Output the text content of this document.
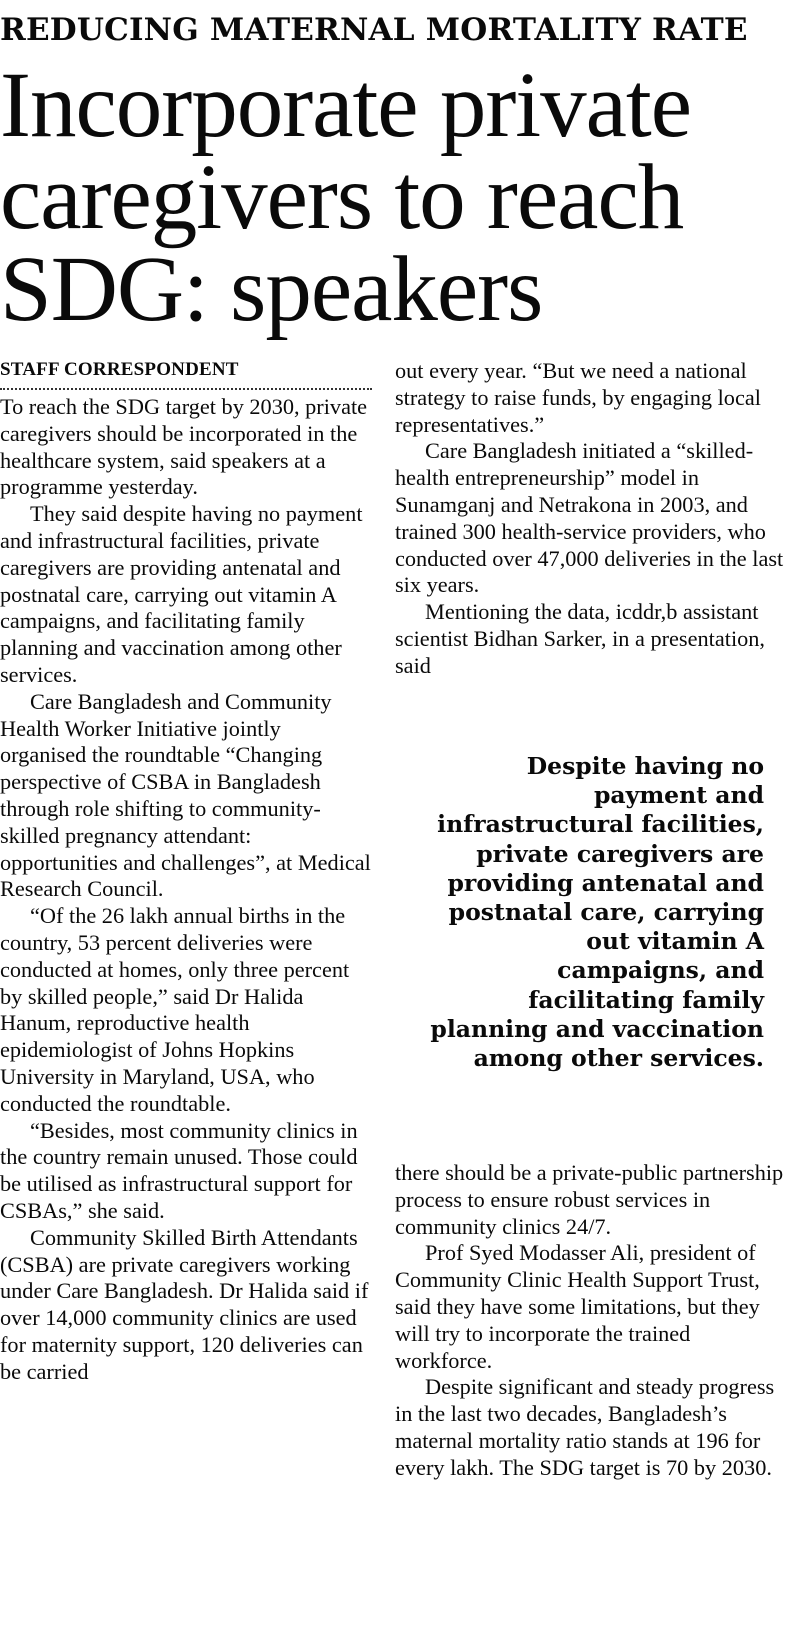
REDUCING MATERNAL MORTALITY RATE
Incorporate private
caregivers to reach
SDG: speakers
STAFF CORRESPONDENT

To reach the SDG target by 2030, private caregivers should be incorporated in the healthcare system, said speakers at a programme yesterday.

They said despite having no payment and infrastructural facilities, private caregivers are providing antenatal and postnatal care, carrying out vitamin A campaigns, and facilitating family planning and vaccination among other services.

Care Bangladesh and Community Health Worker Initiative jointly organised the roundtable “Changing perspective of CSBA in Bangladesh through role shifting to community-skilled pregnancy attendant: opportunities and challenges”, at Medical Research Council.

“Of the 26 lakh annual births in the country, 53 percent deliveries were conducted at homes, only three percent by skilled people,” said Dr Halida Hanum, reproductive health epidemiologist of Johns Hopkins University in Maryland, USA, who conducted the roundtable.

“Besides, most community clinics in the country remain unused. Those could be utilised as infrastructural support for CSBAs,” she said.

Community Skilled Birth Attendants (CSBA) are private caregivers working under Care Bangladesh. Dr Halida said if over 14,000 community clinics are used for maternity support, 120 deliveries can be carried

out every year. “But we need a national strategy to raise funds, by engaging local representatives.”

Care Bangladesh initiated a “skilled-health entrepreneurship” model in Sunamganj and Netrakona in 2003, and trained 300 health-service providers, who conducted over 47,000 deliveries in the last six years.

Mentioning the data, icddr,b assistant scientist Bidhan Sarker, in a presentation, said

Despite having no payment and infrastructural facilities, private caregivers are providing antenatal and postnatal care, carrying out vitamin A campaigns, and facilitating family planning and vaccination among other services.

there should be a private-public partnership process to ensure robust services in community clinics 24/7.

Prof Syed Modasser Ali, president of Community Clinic Health Support Trust, said they have some limitations, but they will try to incorporate the trained workforce.

Despite significant and steady progress in the last two decades, Bangladesh’s maternal mortality ratio stands at 196 for every lakh. The SDG target is 70 by 2030.
